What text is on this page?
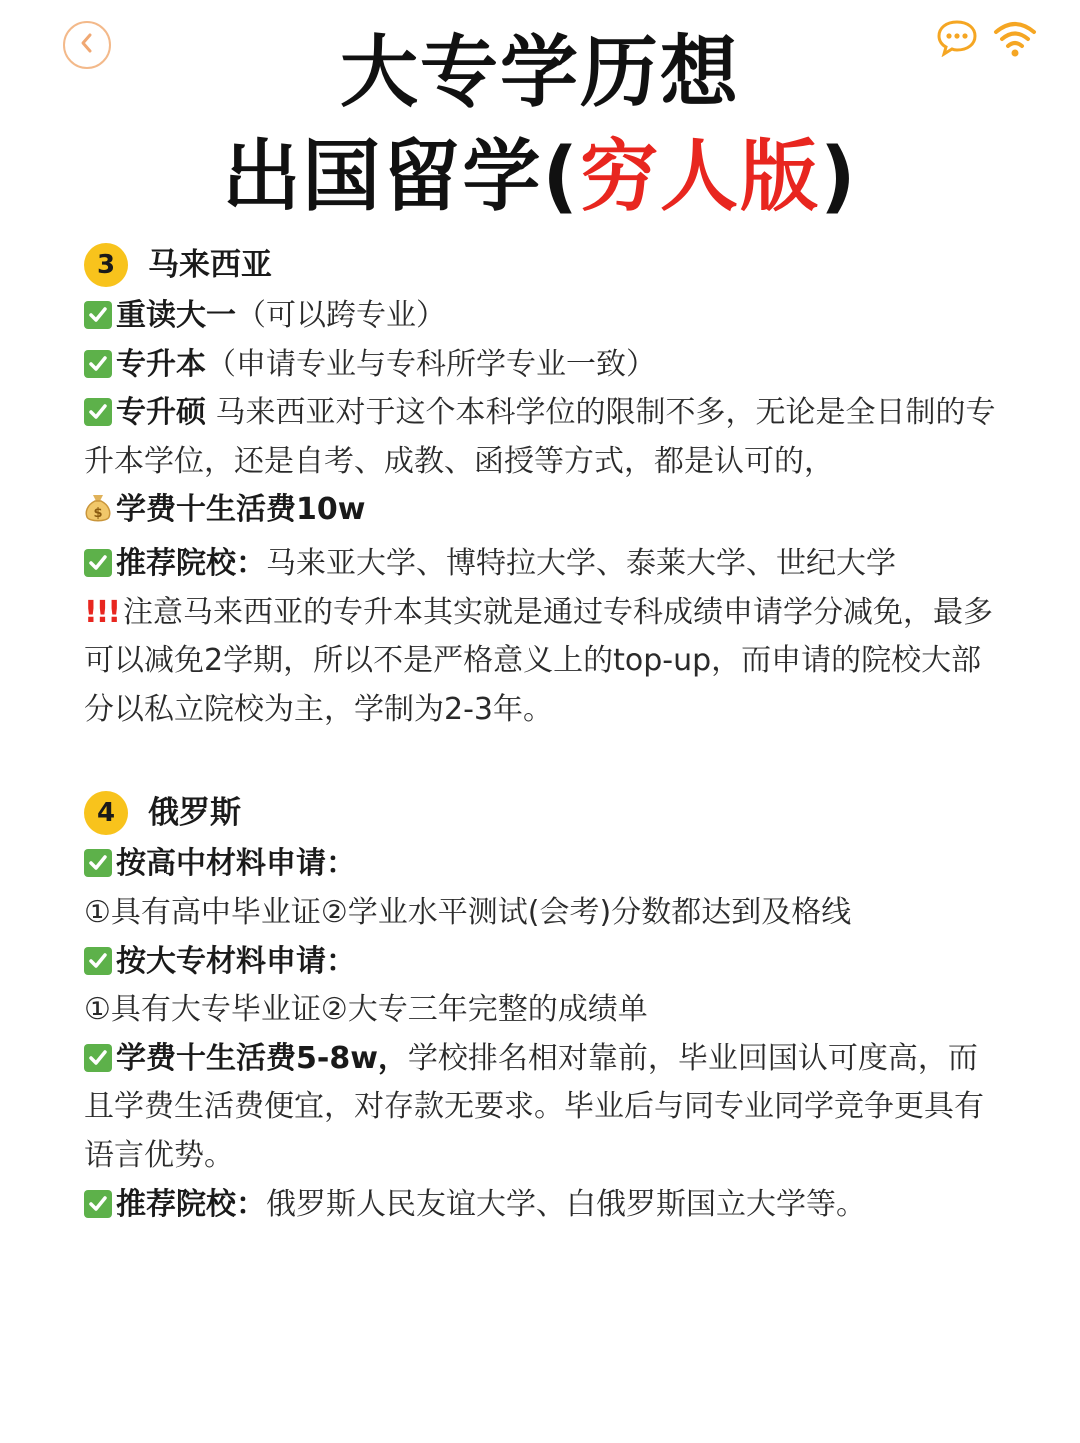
大专学历想
出国留学(穷人版)
3	马来西亚
重读大一（可以跨专业）
专升本（申请专业与专科所学专业一致）
专升硕 马来西亚对于这个本科学位的限制不多，无论是全日制的专升本学位，还是自考、成教、函授等方式，都是认可的，
$ 学费十生活费10w
推荐院校：马来亚大学、博特拉大学、泰莱大学、世纪大学
!!! 注意马来西亚的专升本其实就是通过专科成绩申请学分减免，最多可以减免2学期，所以不是严格意义上的top-up，而申请的院校大部分以私立院校为主，学制为2-3年。
4	俄罗斯
按高中材料申请：
①具有高中毕业证②学业水平测试(会考)分数都达到及格线
按大专材料申请：
①具有大专毕业证②大专三年完整的成绩单
学费十生活费5-8w，学校排名相对靠前，毕业回国认可度高，而且学费生活费便宜，对存款无要求。毕业后与同专业同学竞争更具有语言优势。
推荐院校：俄罗斯人民友谊大学、白俄罗斯国立大学等。
